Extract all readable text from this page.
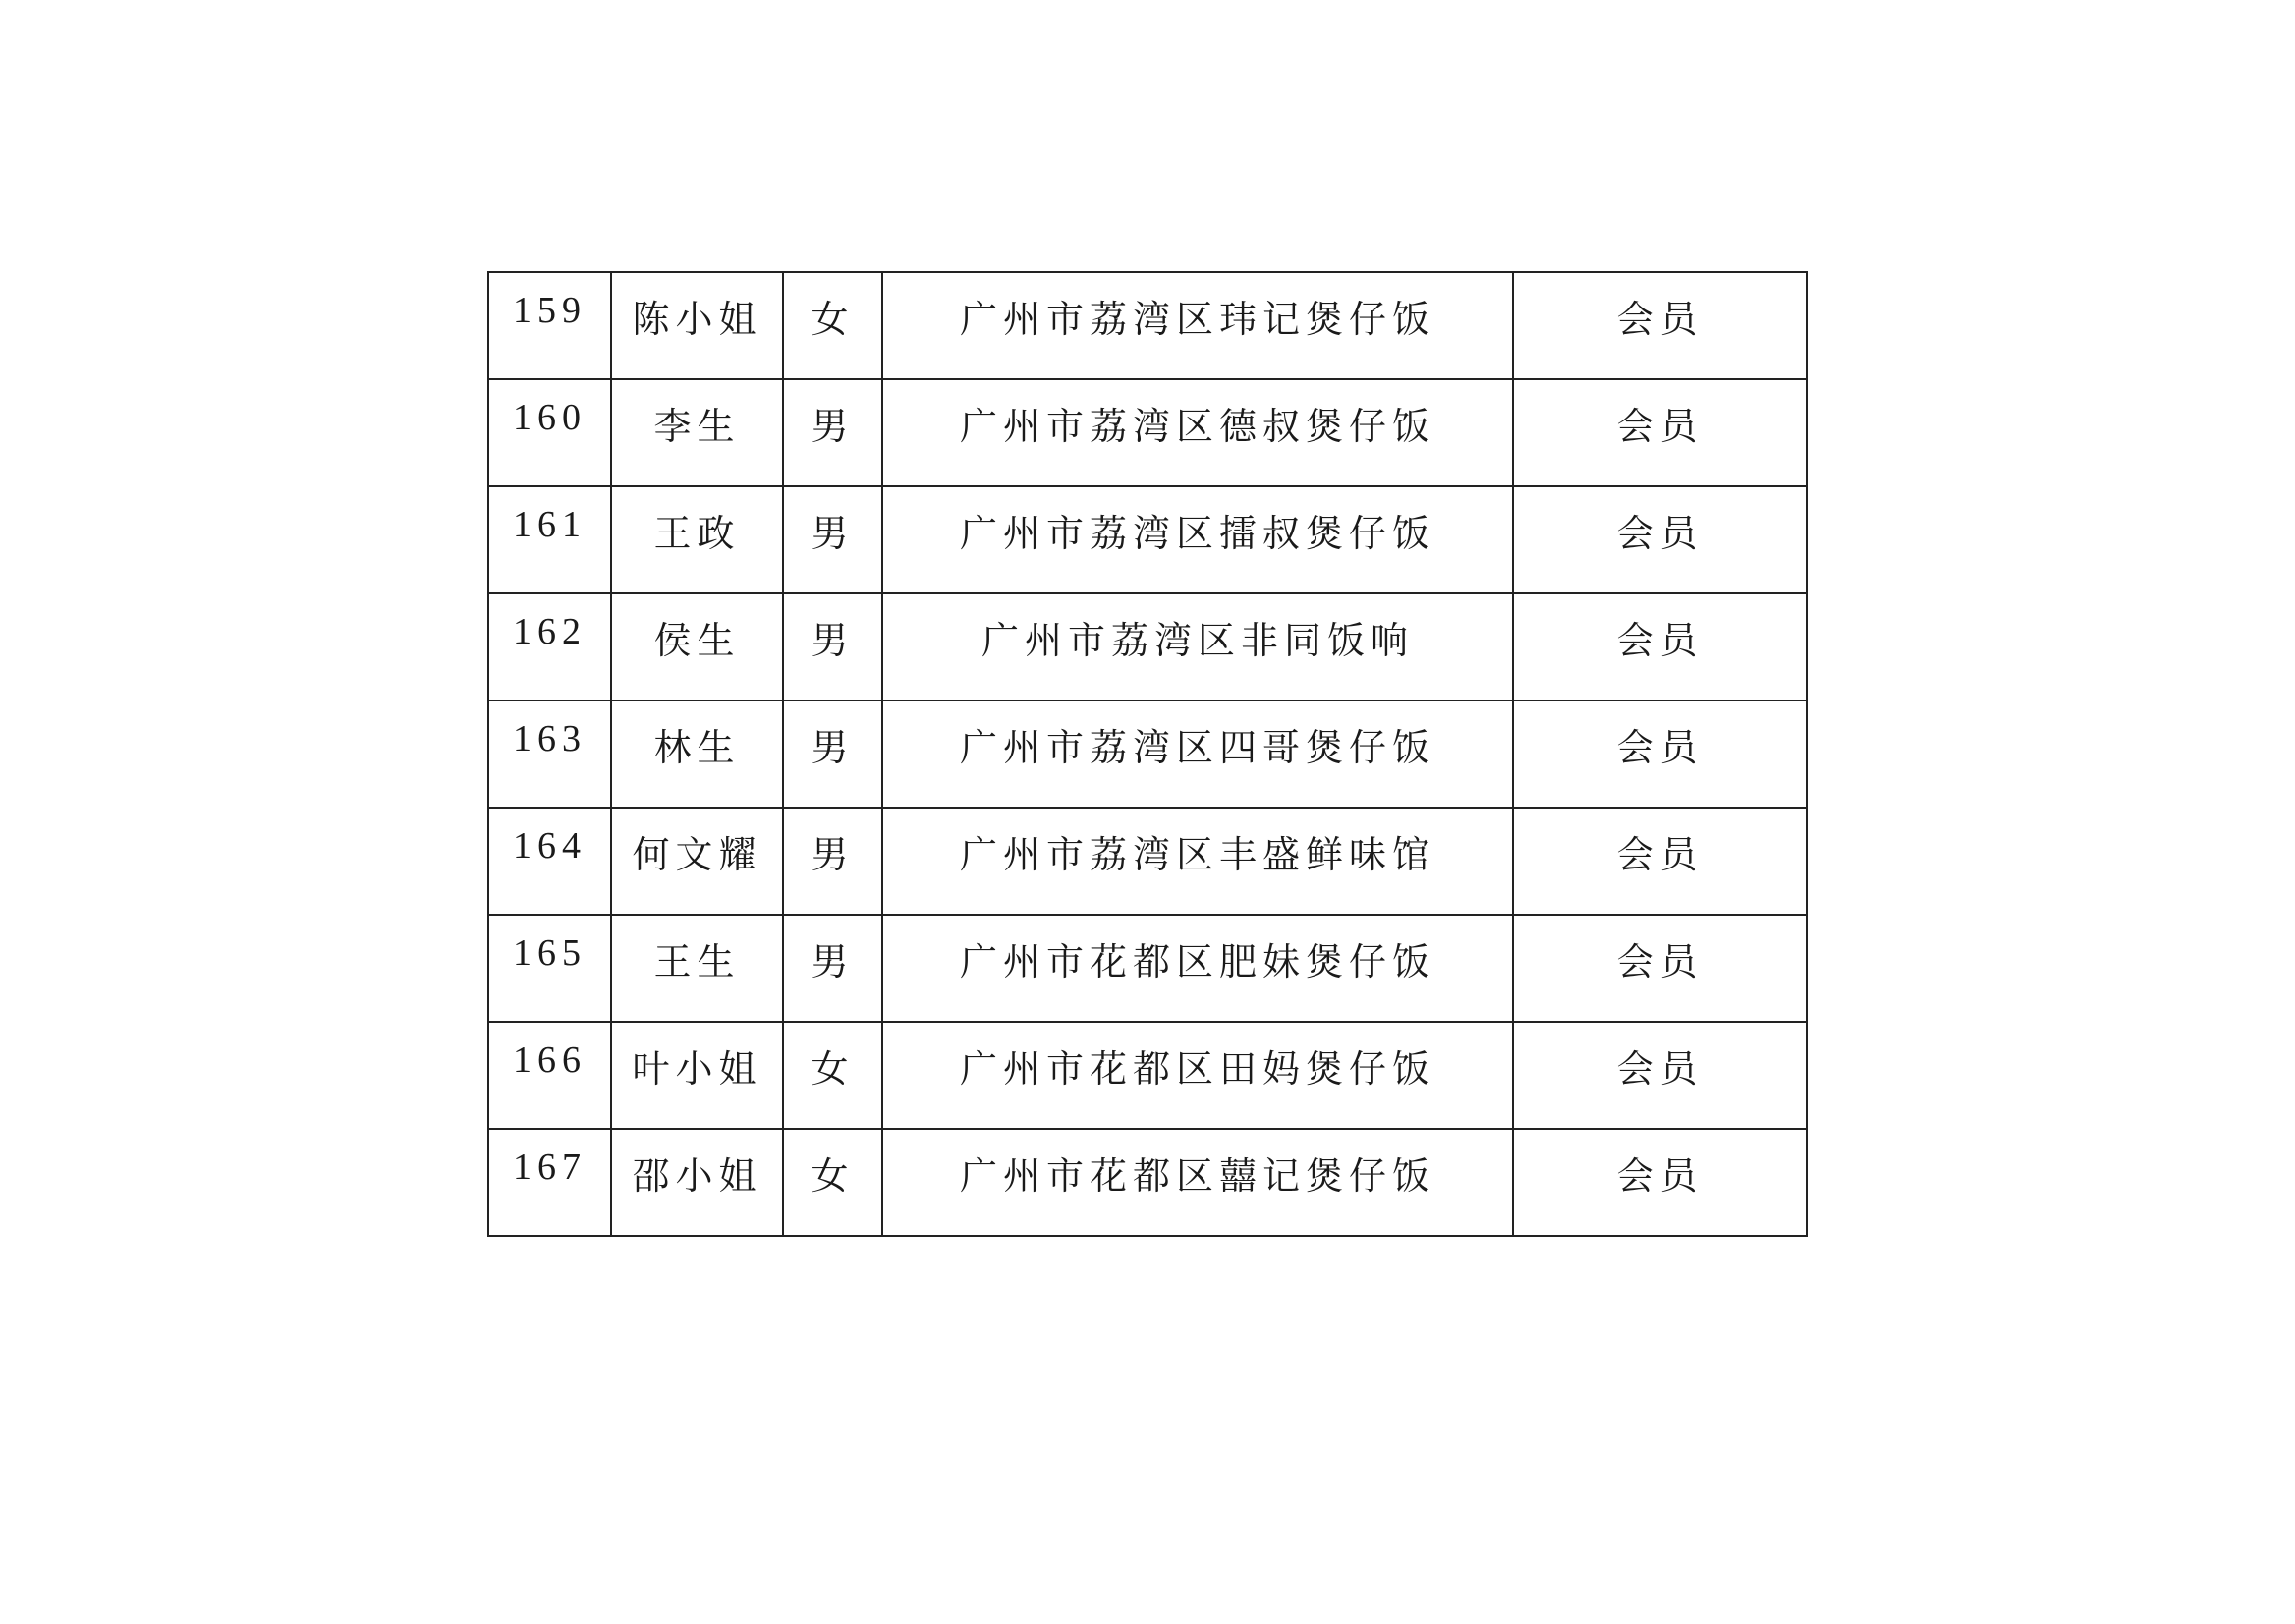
159	陈小姐	女	广州市荔湾区玮记煲仔饭	会员
160	李生	男	广州市荔湾区德叔煲仔饭	会员
161	王政	男	广州市荔湾区擂叔煲仔饭	会员
162	侯生	男	广州市荔湾区非同饭响	会员
163	林生	男	广州市荔湾区四哥煲仔饭	会员
164	何文耀	男	广州市荔湾区丰盛鲜味馆	会员
165	王生	男	广州市花都区肥妹煲仔饭	会员
166	叶小姐	女	广州市花都区田妈煲仔饭	会员
167	邵小姐	女	广州市花都区囍记煲仔饭	会员
